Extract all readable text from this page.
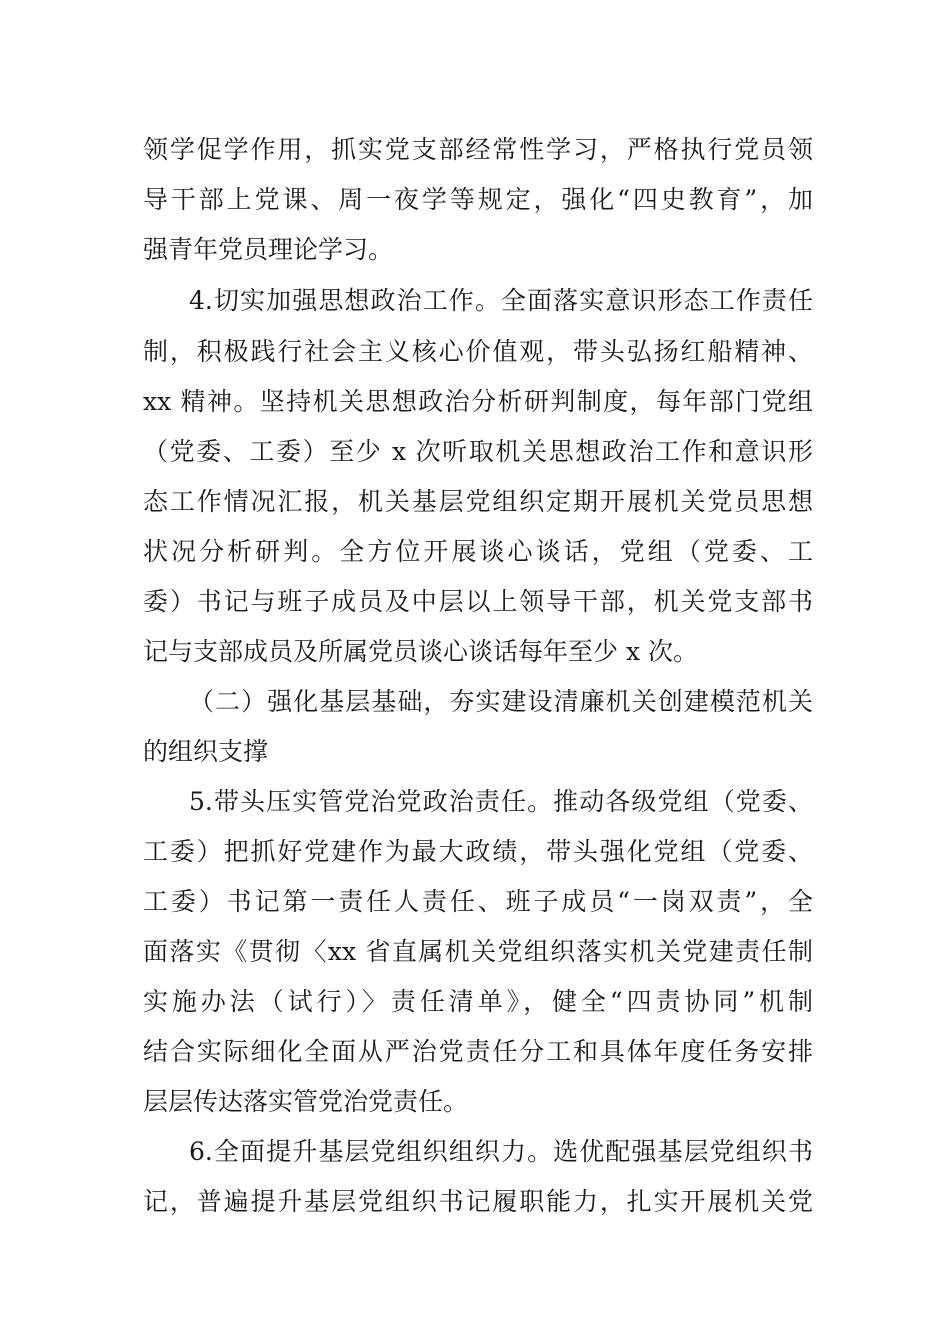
领学促学作用，抓实党支部经常性学习，严格执行党员领
导干部上党课、周一夜学等规定，强化“四史教育”，加
强青年党员理论学习。
4.切实加强思想政治工作。全面落实意识形态工作责任
制，积极践行社会主义核心价值观，带头弘扬红船精神、
xx 精神。坚持机关思想政治分析研判制度，每年部门党组
（党委、工委）至少 x 次听取机关思想政治工作和意识形
态工作情况汇报，机关基层党组织定期开展机关党员思想
状况分析研判。全方位开展谈心谈话，党组（党委、工
委）书记与班子成员及中层以上领导干部，机关党支部书
记与支部成员及所属党员谈心谈话每年至少 x 次。
（二）强化基层基础，夯实建设清廉机关创建模范机关
的组织支撑
5.带头压实管党治党政治责任。推动各级党组（党委、
工委）把抓好党建作为最大政绩，带头强化党组（党委、
工委）书记第一责任人责任、班子成员“一岗双责”，全
面落实《贯彻〈xx 省直属机关党组织落实机关党建责任制
实施办法（试行）〉责任清单》，健全“四责协同”机制
结合实际细化全面从严治党责任分工和具体年度任务安排
层层传达落实管党治党责任。
6.全面提升基层党组织组织力。选优配强基层党组织书
记，普遍提升基层党组织书记履职能力，扎实开展机关党
